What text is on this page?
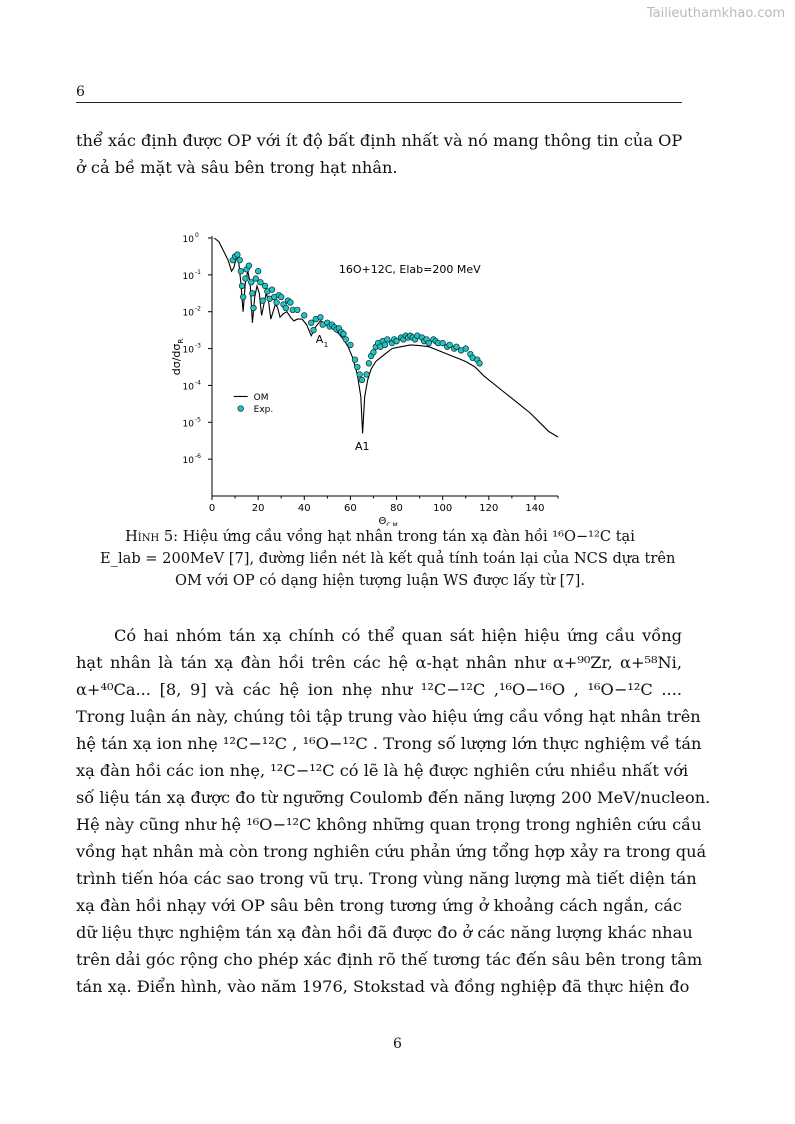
Tailieuthamkhao.com
6
thể xác định được OP với ít độ bất định nhất và nó mang thông tin của OP
ở cả bề mặt và sâu bên trong hạt nhân.
0	20	40	60	80	100	120	140
10 0
10 -1
10 -2
10 -3
10 -4
10 -5
10 -6
$\Theta_{C.M.}$
$d\sigma/d\sigma_R$
16O+12C, Elab=200 MeV
A 1
A1
OM
Exp.
Hình 5: Hiệu ứng cầu vồng hạt nhân trong tán xạ đàn hồi ¹⁶O−¹²C tại
E_lab = 200MeV [7], đường liền nét là kết quả tính toán lại của NCS dựa trên
OM với OP có dạng hiện tượng luận WS được lấy từ [7].
Có hai nhóm tán xạ chính có thể quan sát hiện hiệu ứng cầu vồng
hạt nhân là tán xạ đàn hồi trên các hệ α-hạt nhân như α+⁹⁰Zr, α+⁵⁸Ni,
α+⁴⁰Ca... [8, 9] và các hệ ion nhẹ như ¹²C−¹²C ,¹⁶O−¹⁶O , ¹⁶O−¹²C ....
Trong luận án này, chúng tôi tập trung vào hiệu ứng cầu vồng hạt nhân trên
hệ tán xạ ion nhẹ ¹²C−¹²C , ¹⁶O−¹²C . Trong số lượng lớn thực nghiệm về tán
xạ đàn hồi các ion nhẹ, ¹²C−¹²C có lẽ là hệ được nghiên cứu nhiều nhất với
số liệu tán xạ được đo từ ngưỡng Coulomb đến năng lượng 200 MeV/nucleon.
Hệ này cũng như hệ ¹⁶O−¹²C không những quan trọng trong nghiên cứu cầu
vồng hạt nhân mà còn trong nghiên cứu phản ứng tổng hợp xảy ra trong quá
trình tiến hóa các sao trong vũ trụ. Trong vùng năng lượng mà tiết diện tán
xạ đàn hồi nhạy với OP sâu bên trong tương ứng ở khoảng cách ngắn, các
dữ liệu thực nghiệm tán xạ đàn hồi đã được đo ở các năng lượng khác nhau
trên dải góc rộng cho phép xác định rõ thế tương tác đến sâu bên trong tâm
tán xạ. Điển hình, vào năm 1976, Stokstad và đồng nghiệp đã thực hiện đo
6
